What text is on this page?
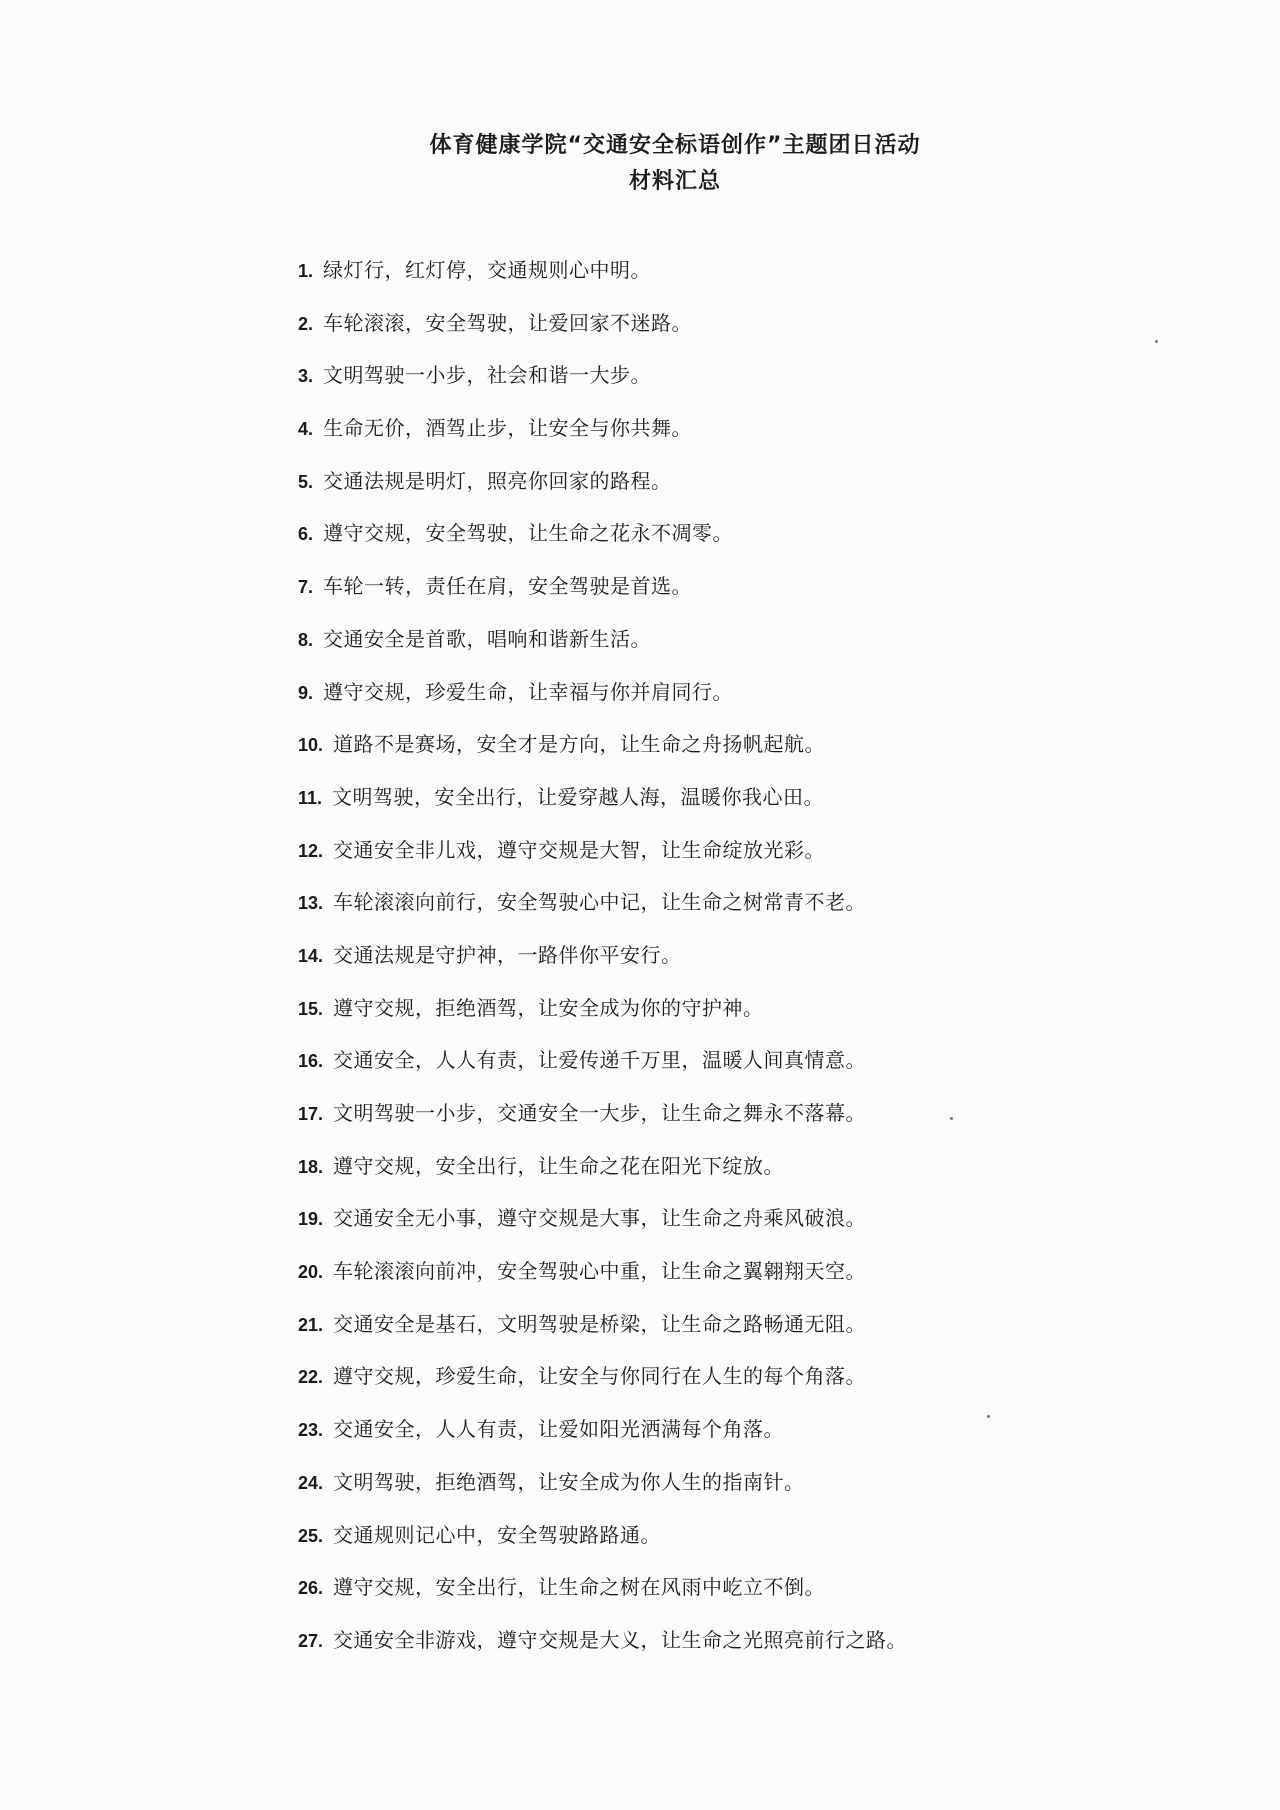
体育健康学院“交通安全标语创作”主题团日活动
材料汇总
1. 绿灯行，红灯停，交通规则心中明。
2. 车轮滚滚，安全驾驶，让爱回家不迷路。
3. 文明驾驶一小步，社会和谐一大步。
4. 生命无价，酒驾止步，让安全与你共舞。
5. 交通法规是明灯，照亮你回家的路程。
6. 遵守交规，安全驾驶，让生命之花永不凋零。
7. 车轮一转，责任在肩，安全驾驶是首选。
8. 交通安全是首歌，唱响和谐新生活。
9. 遵守交规，珍爱生命，让幸福与你并肩同行。
10. 道路不是赛场，安全才是方向，让生命之舟扬帆起航。
11. 文明驾驶，安全出行，让爱穿越人海，温暖你我心田。
12. 交通安全非儿戏，遵守交规是大智，让生命绽放光彩。
13. 车轮滚滚向前行，安全驾驶心中记，让生命之树常青不老。
14. 交通法规是守护神，一路伴你平安行。
15. 遵守交规，拒绝酒驾，让安全成为你的守护神。
16. 交通安全，人人有责，让爱传递千万里，温暖人间真情意。
17. 文明驾驶一小步，交通安全一大步，让生命之舞永不落幕。
18. 遵守交规，安全出行，让生命之花在阳光下绽放。
19. 交通安全无小事，遵守交规是大事，让生命之舟乘风破浪。
20. 车轮滚滚向前冲，安全驾驶心中重，让生命之翼翱翔天空。
21. 交通安全是基石，文明驾驶是桥梁，让生命之路畅通无阻。
22. 遵守交规，珍爱生命，让安全与你同行在人生的每个角落。
23. 交通安全，人人有责，让爱如阳光洒满每个角落。
24. 文明驾驶，拒绝酒驾，让安全成为你人生的指南针。
25. 交通规则记心中，安全驾驶路路通。
26. 遵守交规，安全出行，让生命之树在风雨中屹立不倒。
27. 交通安全非游戏，遵守交规是大义，让生命之光照亮前行之路。
